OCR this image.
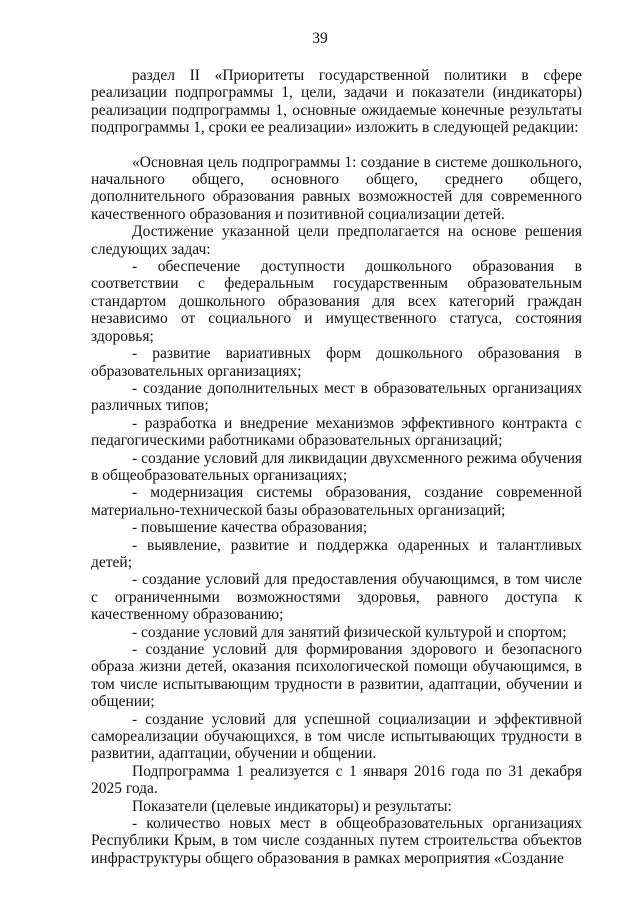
39

раздел II «Приоритеты государственной политики в сфере реализации подпрограммы 1, цели, задачи и показатели (индикаторы) реализации подпрограммы 1, основные ожидаемые конечные результаты подпрограммы 1, сроки ее реализации» изложить в следующей редакции:

«Основная цель подпрограммы 1: создание в системе дошкольного, начального общего, основного общего, среднего общего, дополнительного образования равных возможностей для современного качественного образования и позитивной социализации детей.

Достижение указанной цели предполагается на основе решения следующих задач:

- обеспечение доступности дошкольного образования в соответствии с федеральным государственным образовательным стандартом дошкольного образования для всех категорий граждан независимо от социального и имущественного статуса, состояния здоровья;

- развитие вариативных форм дошкольного образования в образовательных организациях;

- создание дополнительных мест в образовательных организациях различных типов;

- разработка и внедрение механизмов эффективного контракта с педагогическими работниками образовательных организаций;

- создание условий для ликвидации двухсменного режима обучения в общеобразовательных организациях;

- модернизация системы образования, создание современной материально-технической базы образовательных организаций;

- повышение качества образования;

- выявление, развитие и поддержка одаренных и талантливых детей;

- создание условий для предоставления обучающимся, в том числе с ограниченными возможностями здоровья, равного доступа к качественному образованию;

- создание условий для занятий физической культурой и спортом;

- создание условий для формирования здорового и безопасного образа жизни детей, оказания психологической помощи обучающимся, в том числе испытывающим трудности в развитии, адаптации, обучении и общении;

- создание условий для успешной социализации и эффективной самореализации обучающихся, в том числе испытывающих трудности в развитии, адаптации, обучении и общении.

Подпрограмма 1 реализуется с 1 января 2016 года по 31 декабря 2025 года.

Показатели (целевые индикаторы) и результаты:

- количество новых мест в общеобразовательных организациях Республики Крым, в том числе созданных путем строительства объектов инфраструктуры общего образования в рамках мероприятия «Создание
